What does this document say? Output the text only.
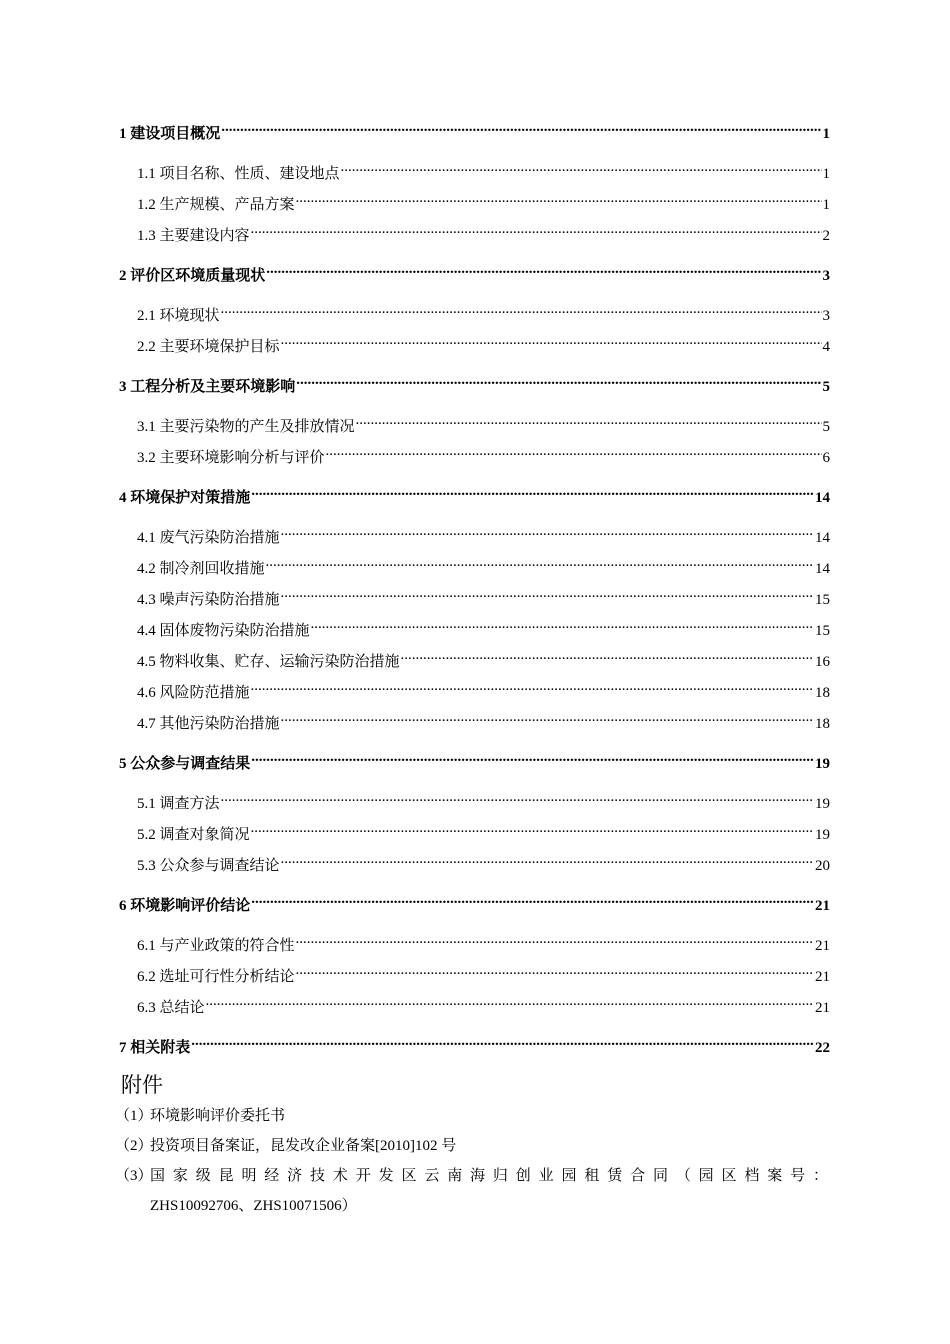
1 建设项目概况 .....	1
1.1 项目名称、性质、建设地点 .....	1
1.2 生产规模、产品方案 .....	1
1.3 主要建设内容 .....	2
2 评价区环境质量现状 .....	3
2.1 环境现状 .....	3
2.2 主要环境保护目标 .....	4
3 工程分析及主要环境影响 .....	5
3.1 主要污染物的产生及排放情况 .....	5
3.2 主要环境影响分析与评价 .....	6
4 环境保护对策措施 .....	14
4.1 废气污染防治措施 .....	14
4.2 制冷剂回收措施 .....	14
4.3 噪声污染防治措施 .....	15
4.4 固体废物污染防治措施 .....	15
4.5 物料收集、贮存、运输污染防治措施 .....	16
4.6 风险防范措施 .....	18
4.7 其他污染防治措施 .....	18
5 公众参与调查结果 .....	19
5.1 调查方法 .....	19
5.2 调查对象简况 .....	19
5.3 公众参与调查结论 .....	20
6 环境影响评价结论 .....	21
6.1 与产业政策的符合性 .....	21
6.2 选址可行性分析结论 .....	21
6.3 总结论 .....	21
7 相关附表 .....	22
附件
（1）
环境影响评价委托书
（2）
投资项目备案证，昆发改企业备案[2010]102 号
（3）
国家级昆明经济技术开发区云南海归创业园租赁合同（园区档案号：
ZHS10092706、ZHS10071506）
